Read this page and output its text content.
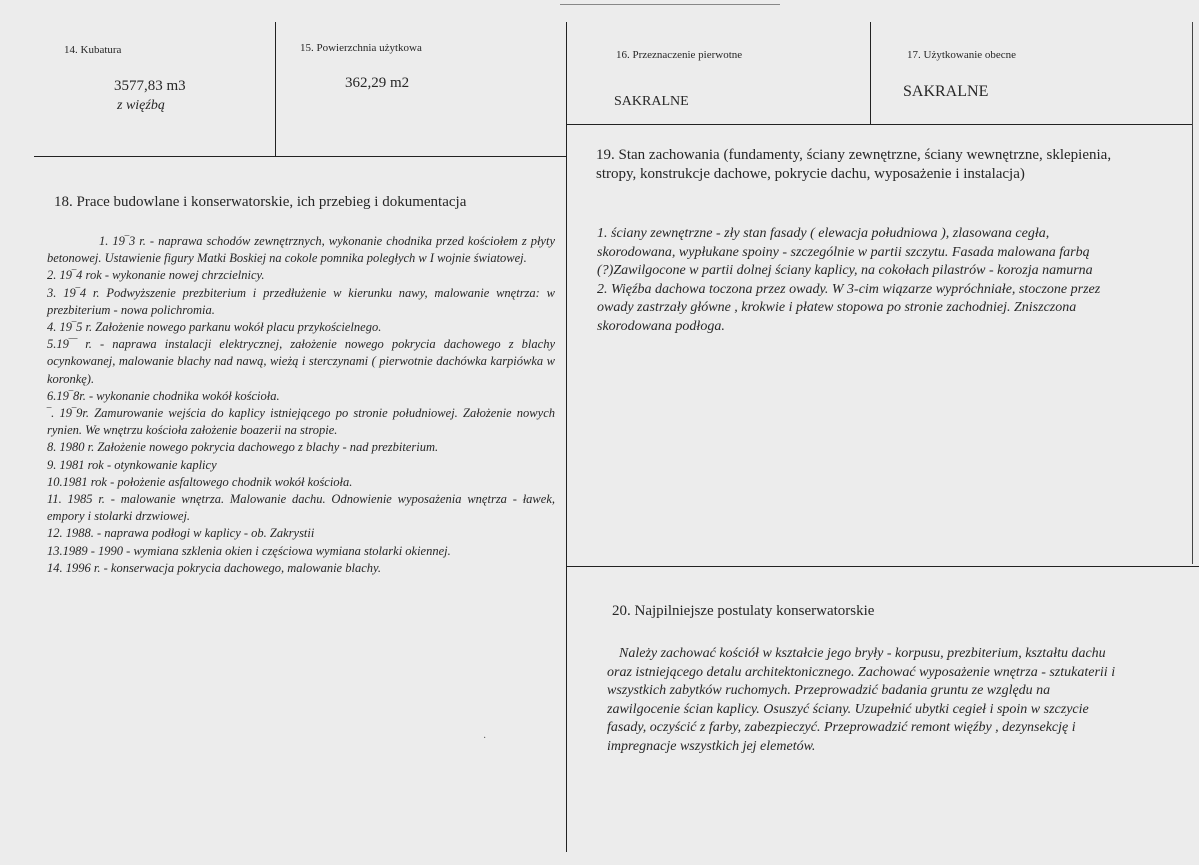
14. Kubatura
3577,83 m3
z więźbą
15. Powierzchnia użytkowa
362,29 m2
16. Przeznaczenie pierwotne
SAKRALNE
17. Użytkowanie obecne
SAKRALNE
18. Prace budowlane i konserwatorskie, ich przebieg i dokumentacja

1. 19‾3 r. - naprawa schodów zewnętrznych, wykonanie chodnika przed kościołem z płyty betonowej. Ustawienie figury Matki Boskiej na cokole pomnika poległych w I wojnie światowej.

2. 19‾4 rok - wykonanie nowej chrzcielnicy.

3. 19‾4 r. Podwyższenie prezbiterium i przedłużenie w kierunku nawy, malowanie wnętrza: w prezbiterium - nowa polichromia.

4. 19‾5 r. Założenie nowego parkanu wokół placu przykościelnego.

5.19‾‾ r. - naprawa instalacji elektrycznej, założenie nowego pokrycia dachowego z blachy ocynkowanej, malowanie blachy nad nawą, wieżą i sterczynami ( pierwotnie dachówka karpiówka w koronkę).

6.19‾8r. - wykonanie chodnika wokół kościoła.

‾. 19‾9r. Zamurowanie wejścia do kaplicy istniejącego po stronie południowej. Założenie nowych rynien. We wnętrzu kościoła założenie boazerii na stropie.

8. 1980 r. Założenie nowego pokrycia dachowego z blachy - nad prezbiterium.

9. 1981 rok - otynkowanie kaplicy

10.1981 rok - położenie asfaltowego chodnik wokół kościoła.

11. 1985 r. - malowanie wnętrza. Malowanie dachu. Odnowienie wyposażenia wnętrza - ławek, empory i stolarki drzwiowej.

12. 1988. - naprawa podłogi w kaplicy - ob. Zakrystii

13.1989 - 1990 - wymiana szklenia okien i częściowa wymiana stolarki okiennej.

14. 1996 r. - konserwacja pokrycia dachowego, malowanie blachy.

·
19. Stan zachowania (fundamenty, ściany zewnętrzne, ściany wewnętrzne, sklepienia, stropy, konstrukcje dachowe, pokrycie dachu, wyposażenie i instalacja)

1. ściany zewnętrzne - zły stan fasady ( elewacja południowa ), zlasowana cegła, skorodowana, wypłukane spoiny - szczególnie w partii szczytu. Fasada malowana farbą (?)Zawilgocone w partii dolnej ściany kaplicy, na cokołach pilastrów - korozja namurna

2. Więźba dachowa toczona przez owady. W 3-cim wiązarze wypróchniałe, stoczone przez owady zastrzały główne , krokwie i płatew stopowa po stronie zachodniej. Zniszczona skorodowana podłoga.

20. Najpilniejsze postulaty konserwatorskie

Należy zachować kościół w kształcie jego bryły - korpusu, prezbiterium, kształtu dachu oraz istniejącego detalu architektonicznego. Zachować wyposażenie wnętrza - sztukaterii i wszystkich zabytków ruchomych. Przeprowadzić badania gruntu ze względu na zawilgocenie ścian kaplicy. Osuszyć ściany. Uzupełnić ubytki cegieł i spoin w szczycie fasady, oczyścić z farby, zabezpieczyć. Przeprowadzić remont więźby , dezynsekcję i impregnacje wszystkich jej elemetów.
